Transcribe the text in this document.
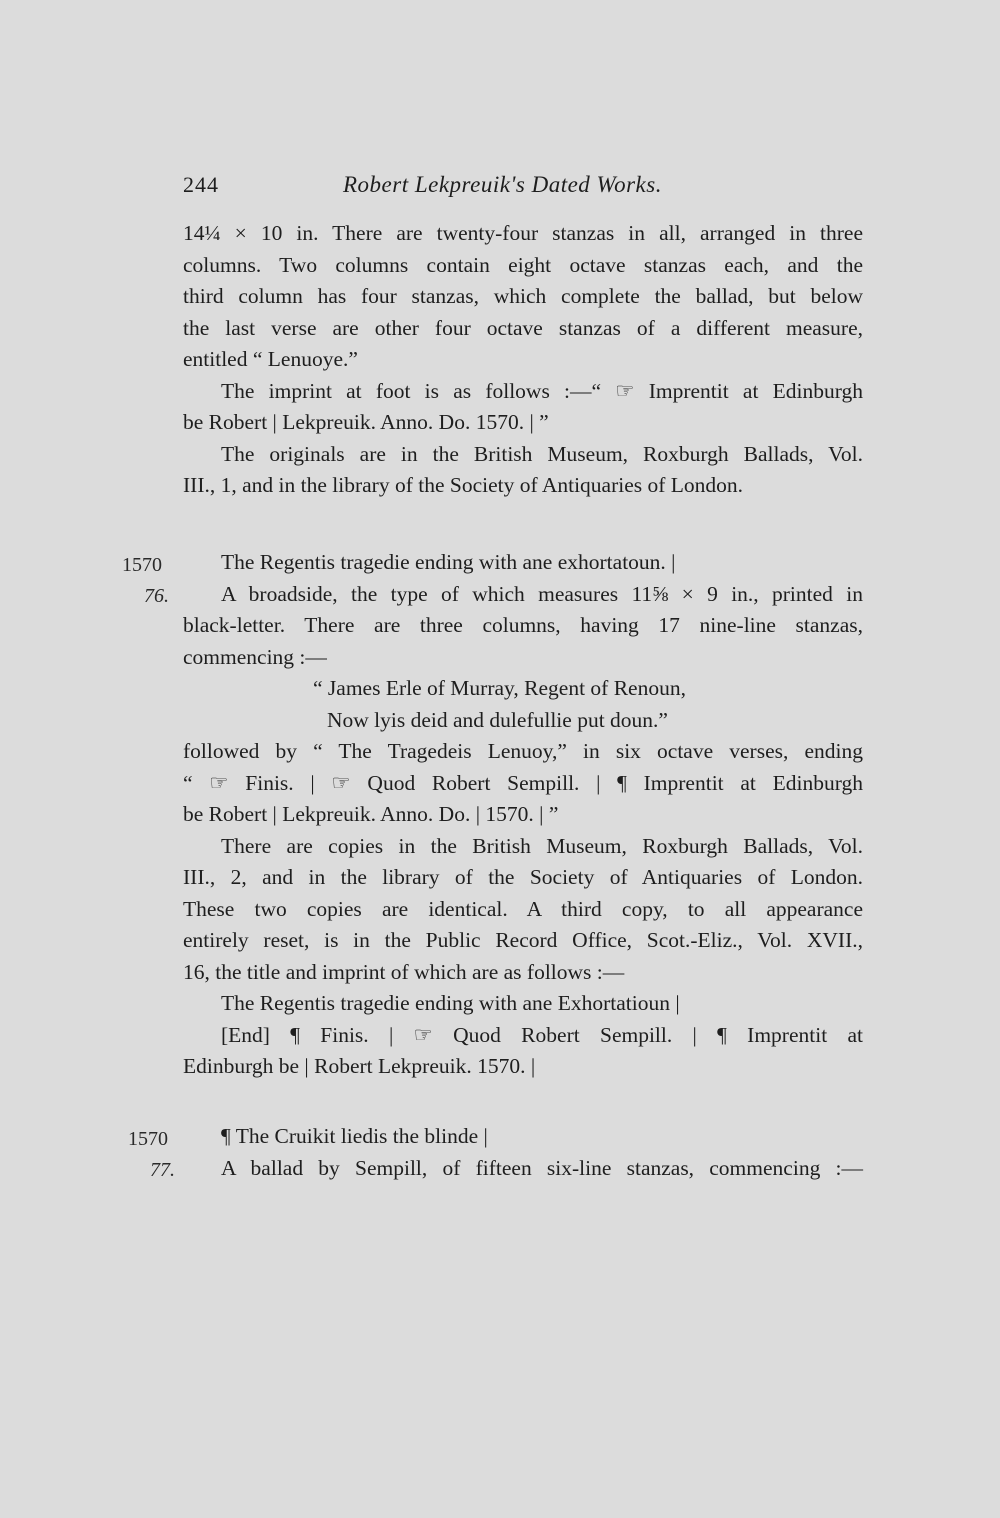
244	Robert Lekpreuik's Dated Works.
14¼ × 10 in. There are twenty-four stanzas in all, arranged in three
columns. Two columns contain eight octave stanzas each, and the
third column has four stanzas, which complete the ballad, but below
the last verse are other four octave stanzas of a different measure,
entitled “ Lenuoye.”
The imprint at foot is as follows :—“ ☞ Imprentit at Edinburgh
be Robert | Lekpreuik. Anno. Do. 1570. | ”
The originals are in the British Museum, Roxburgh Ballads, Vol.
III., 1, and in the library of the Society of Antiquaries of London.
1570
76.
The Regentis tragedie ending with ane exhortatoun. |
A broadside, the type of which measures 11⅝ × 9 in., printed in
black-letter. There are three columns, having 17 nine-line stanzas,
commencing :—
“ James Erle of Murray, Regent of Renoun,
Now lyis deid and dulefullie put doun.”
followed by “ The Tragedeis Lenuoy,” in six octave verses, ending
“ ☞ Finis. | ☞ Quod Robert Sempill. | ¶ Imprentit at Edinburgh
be Robert | Lekpreuik. Anno. Do. | 1570. | ”
There are copies in the British Museum, Roxburgh Ballads, Vol.
III., 2, and in the library of the Society of Antiquaries of London.
These two copies are identical. A third copy, to all appearance
entirely reset, is in the Public Record Office, Scot.-Eliz., Vol. XVII.,
16, the title and imprint of which are as follows :—
The Regentis tragedie ending with ane Exhortatioun |
[End] ¶ Finis. | ☞ Quod Robert Sempill. | ¶ Imprentit at
Edinburgh be | Robert Lekpreuik. 1570. |
1570
77.
¶ The Cruikit liedis the blinde |
A ballad by Sempill, of fifteen six-line stanzas, commencing :—
